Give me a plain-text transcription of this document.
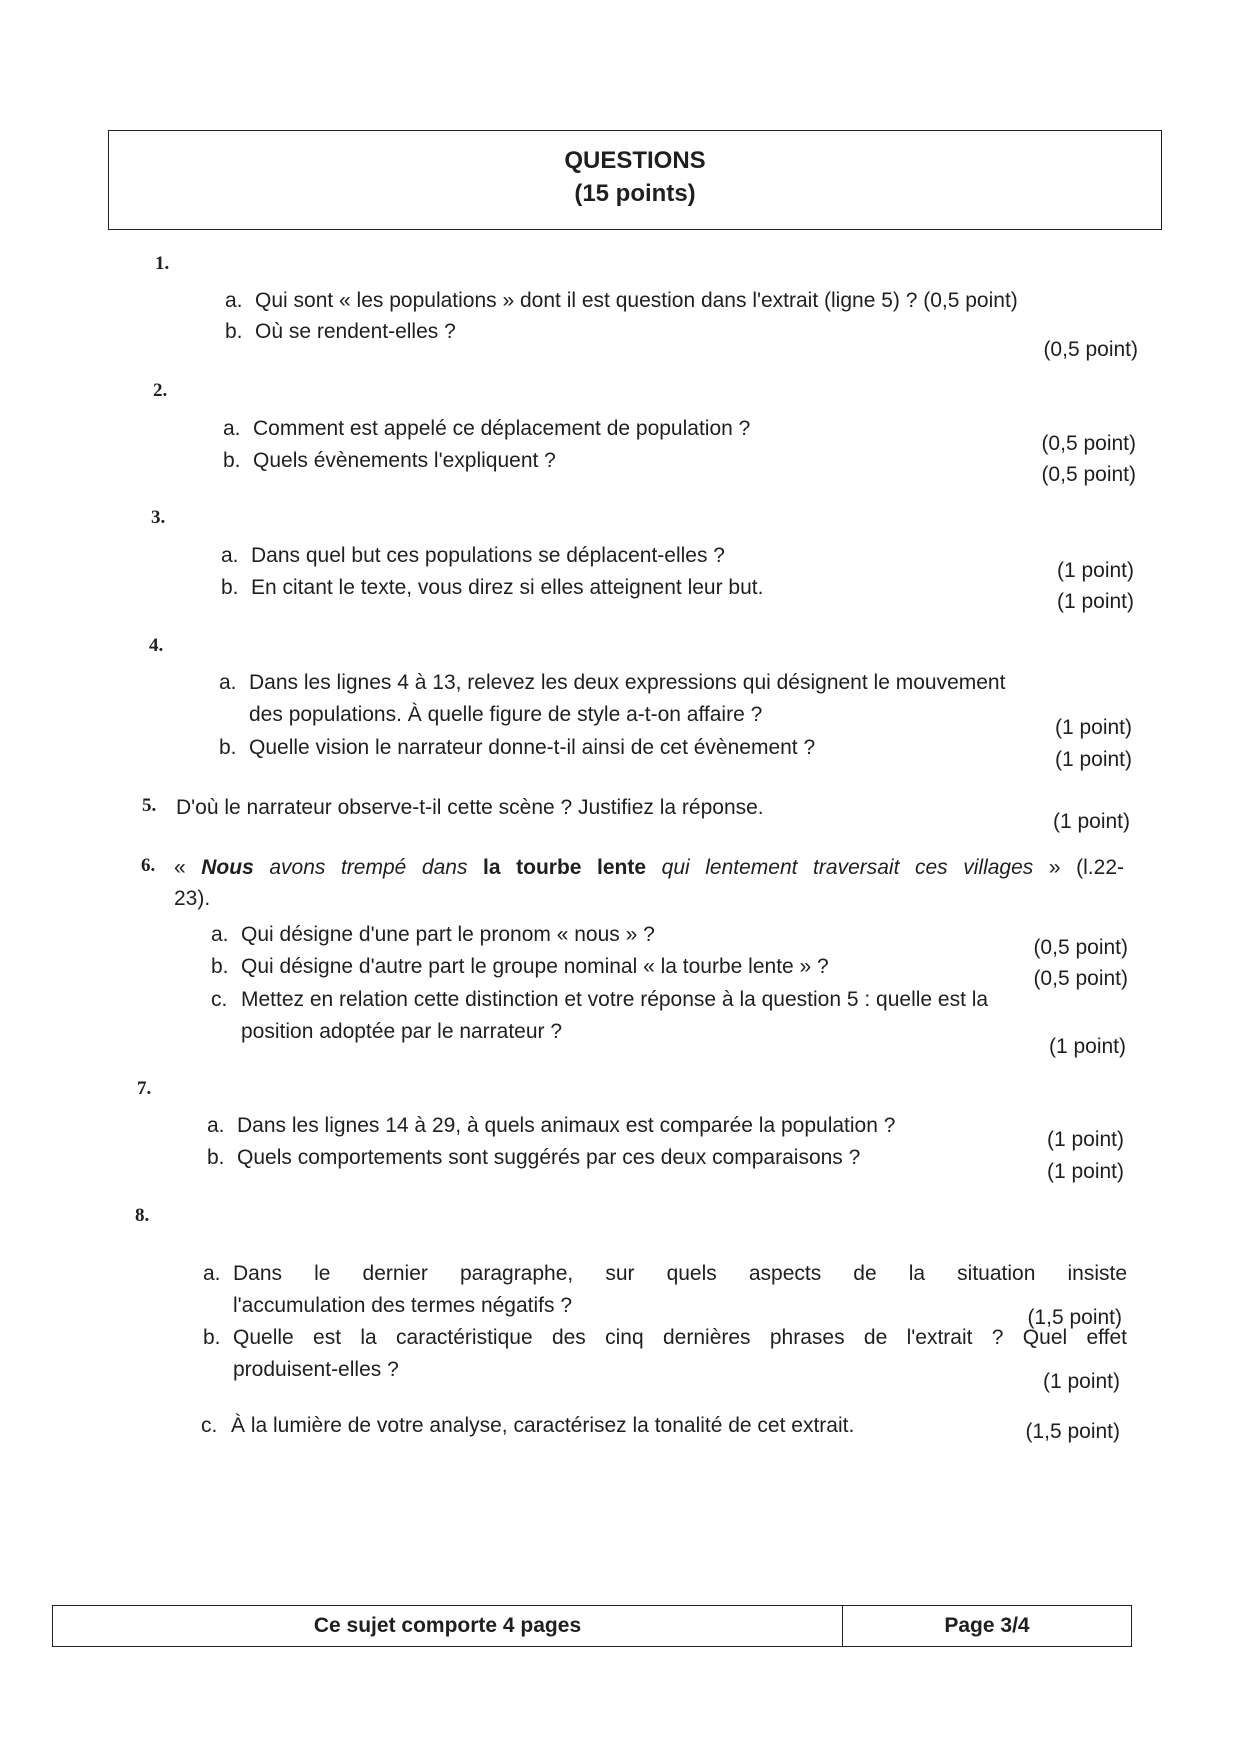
QUESTIONS
(15 points)
1.
a. Qui sont « les populations » dont il est question dans l'extrait (ligne 5) ? (0,5 point)
b. Où se rendent-elles ?
(0,5 point)
2.
a. Comment est appelé ce déplacement de population ?
(0,5 point)
b. Quels évènements l'expliquent ?
(0,5 point)
3.
a. Dans quel but ces populations se déplacent-elles ?
(1 point)
b. En citant le texte, vous direz si elles atteignent leur but.
(1 point)
4.
a. Dans les lignes 4 à 13, relevez les deux expressions qui désignent le mouvement
des populations. À quelle figure de style a-t-on affaire ?
(1 point)
b. Quelle vision le narrateur donne-t-il ainsi de cet évènement ?
(1 point)
5. D'où le narrateur observe-t-il cette scène ? Justifiez la réponse.
(1 point)
6. « Nous avons trempé dans la tourbe lente qui lentement traversait ces villages » (l.22-
23).
a. Qui désigne d'une part le pronom « nous » ?
(0,5 point)
b. Qui désigne d'autre part le groupe nominal « la tourbe lente » ?
(0,5 point)
c. Mettez en relation cette distinction et votre réponse à la question 5 : quelle est la
position adoptée par le narrateur ?
(1 point)
7.
a. Dans les lignes 14 à 29, à quels animaux est comparée la population ?
(1 point)
b. Quels comportements sont suggérés par ces deux comparaisons ?
(1 point)
8.
a. Dans le dernier paragraphe, sur quels aspects de la situation insiste
l'accumulation des termes négatifs ?
(1,5 point)
b. Quelle est la caractéristique des cinq dernières phrases de l'extrait ? Quel effet
produisent-elles ?
(1 point)
c. À la lumière de votre analyse, caractérisez la tonalité de cet extrait.	(1,5 point)
Ce sujet comporte 4 pages	Page 3/4
